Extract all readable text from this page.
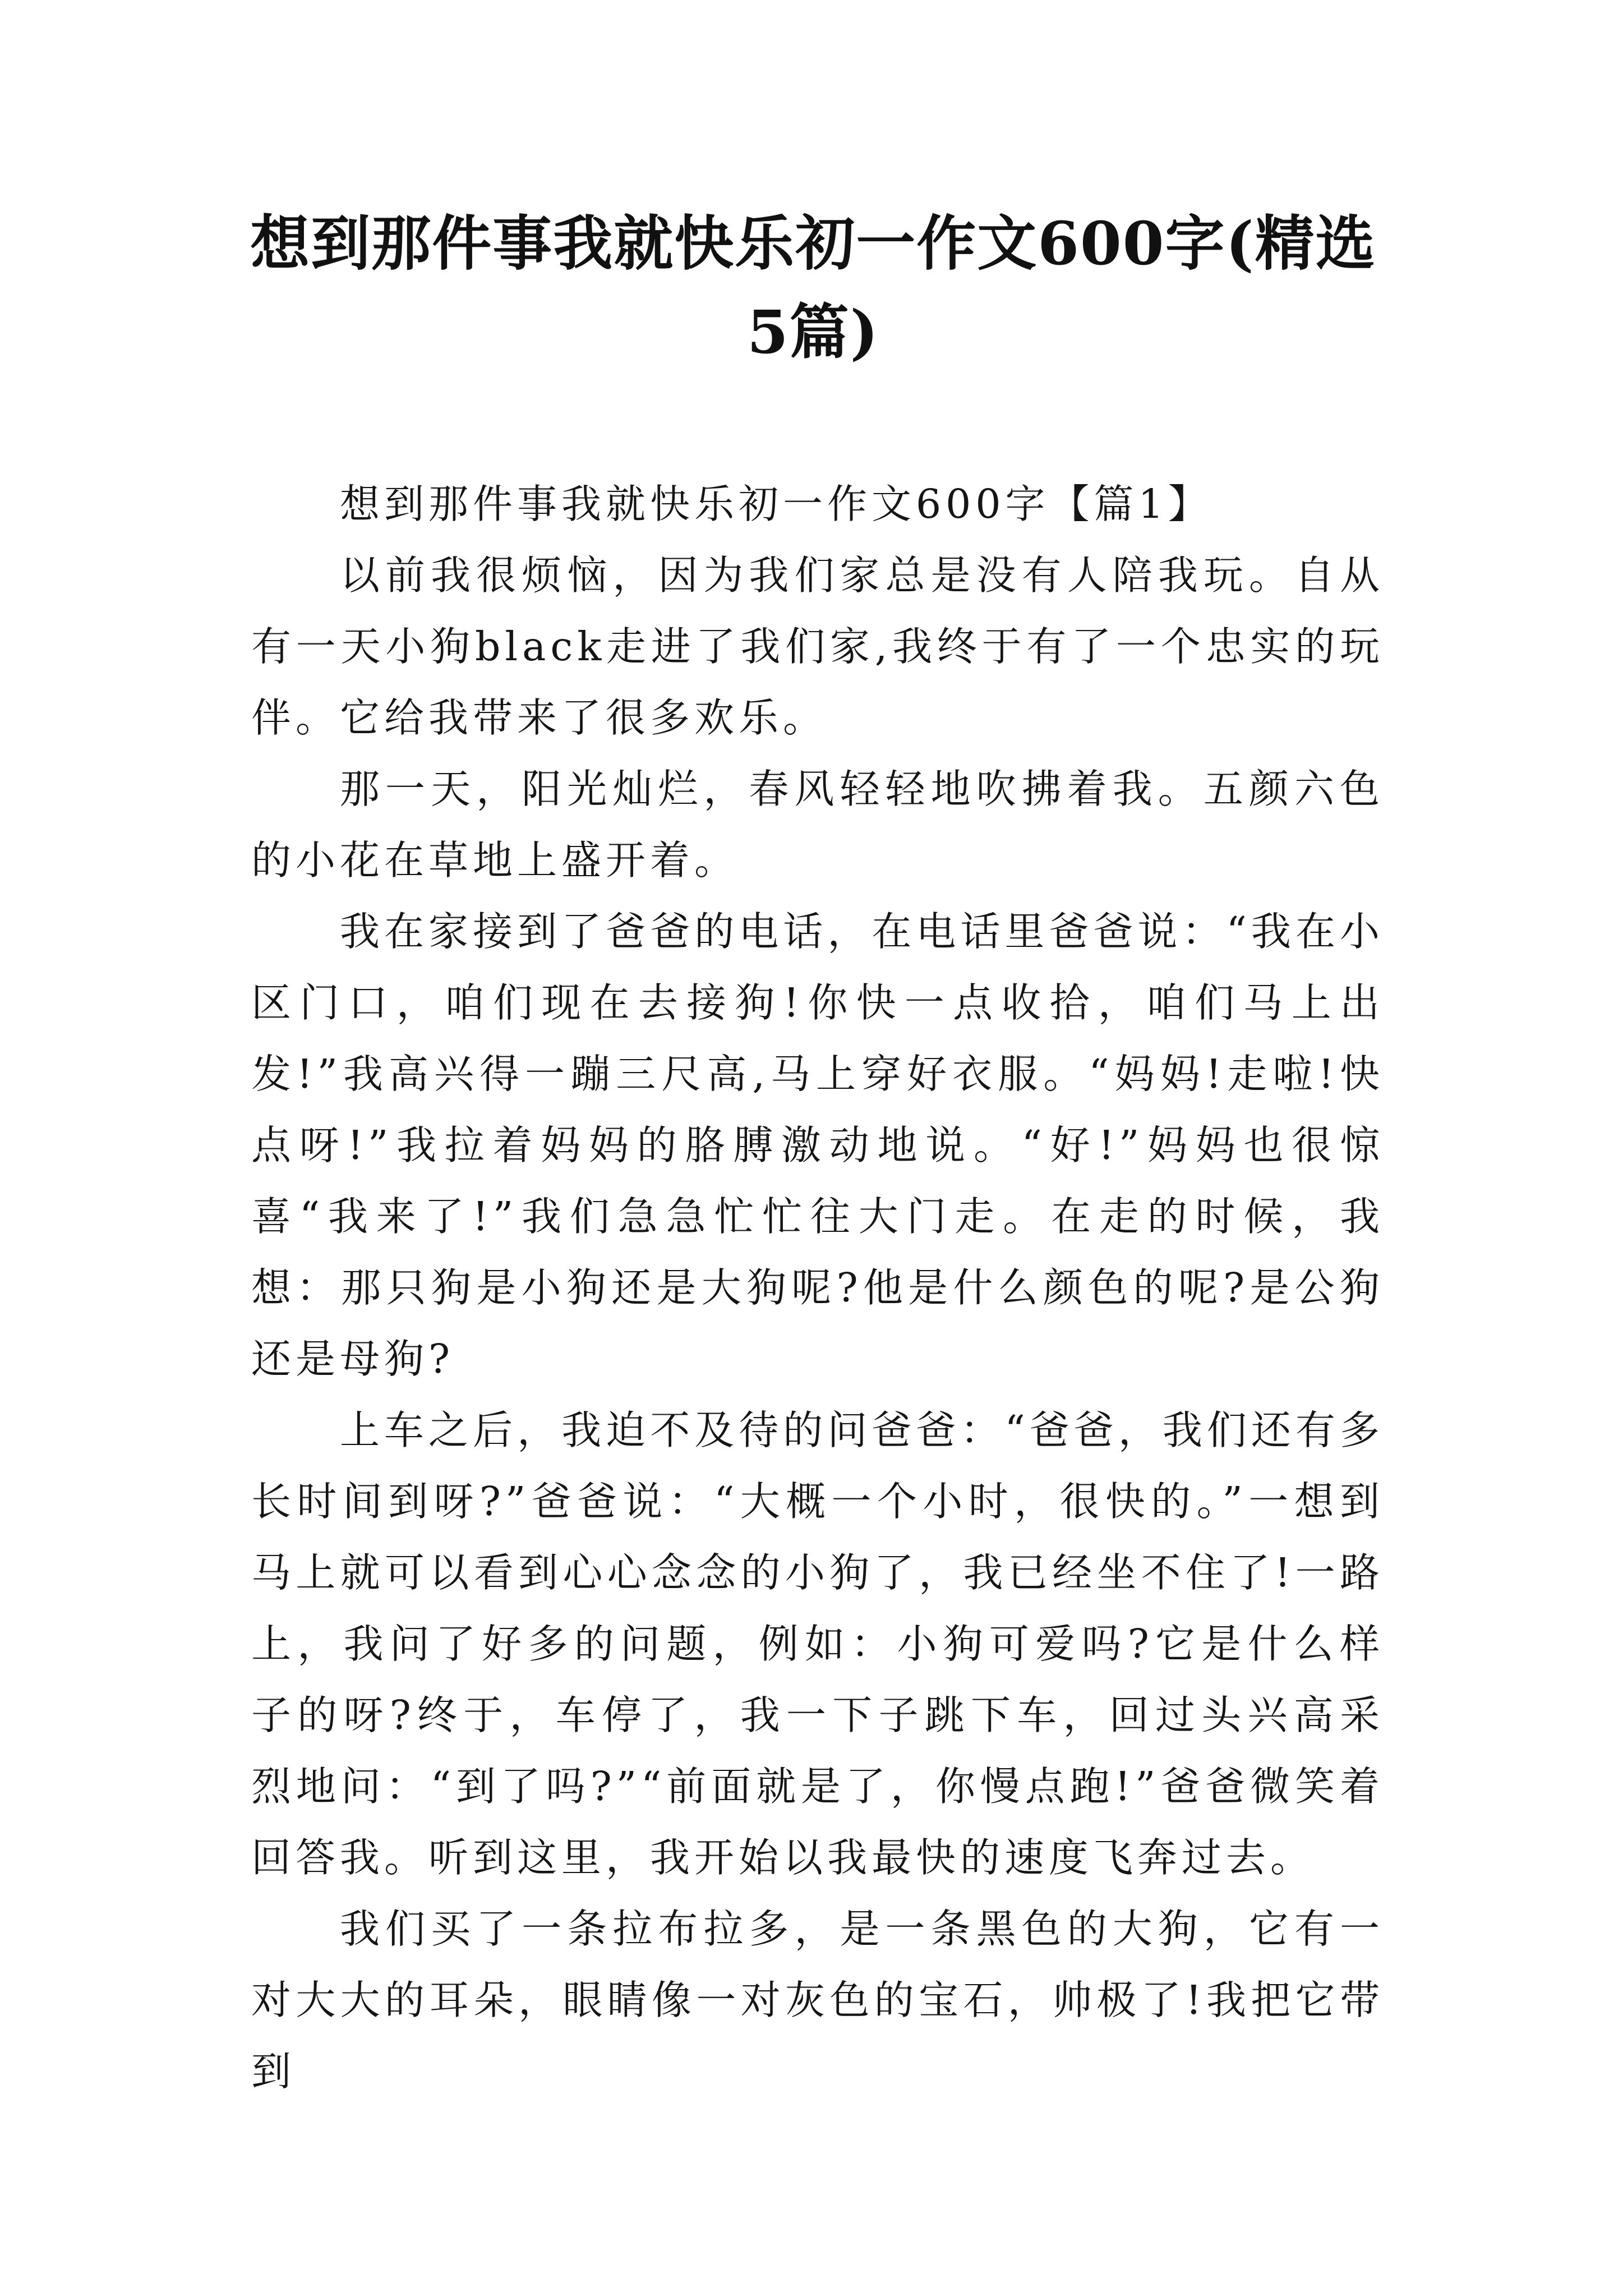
想到那件事我就快乐初一作文600字(精选5篇)

想到那件事我就快乐初一作文600字【篇1】

以前我很烦恼，因为我们家总是没有人陪我玩。自从有一天小狗black走进了我们家,我终于有了一个忠实的玩伴。它给我带来了很多欢乐。

那一天，阳光灿烂，春风轻轻地吹拂着我。五颜六色的小花在草地上盛开着。

我在家接到了爸爸的电话，在电话里爸爸说：“我在小区门口，咱们现在去接狗!你快一点收拾，咱们马上出发!”我高兴得一蹦三尺高,马上穿好衣服。“妈妈!走啦!快点呀!”我拉着妈妈的胳膊激动地说。“好!”妈妈也很惊喜“我来了!”我们急急忙忙往大门走。在走的时候，我想：那只狗是小狗还是大狗呢?他是什么颜色的呢?是公狗还是母狗?

上车之后，我迫不及待的问爸爸：“爸爸，我们还有多长时间到呀?”爸爸说：“大概一个小时，很快的。”一想到马上就可以看到心心念念的小狗了，我已经坐不住了!一路上，我问了好多的问题，例如：小狗可爱吗?它是什么样子的呀?终于，车停了，我一下子跳下车，回过头兴高采烈地问：“到了吗?”“前面就是了，你慢点跑!”爸爸微笑着回答我。听到这里，我开始以我最快的速度飞奔过去。

我们买了一条拉布拉多，是一条黑色的大狗，它有一对大大的耳朵，眼睛像一对灰色的宝石，帅极了!我把它带到
